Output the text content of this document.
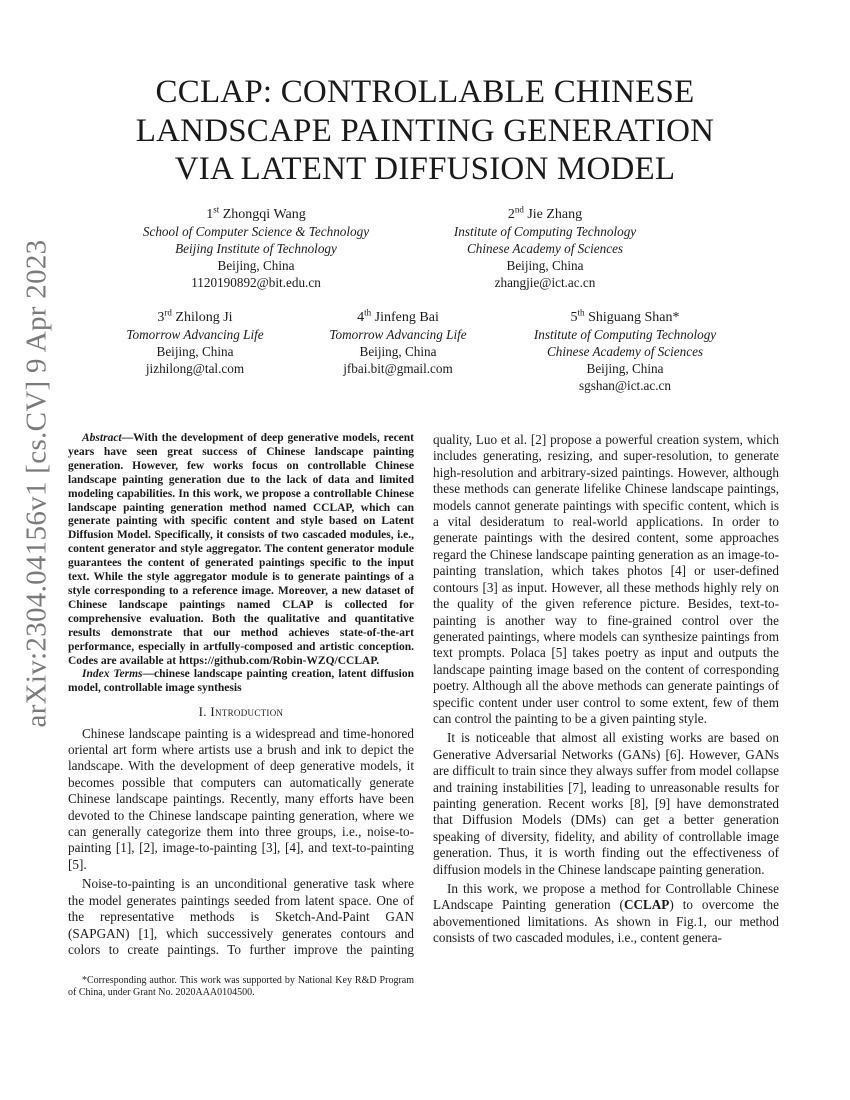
arXiv:2304.04156v1 [cs.CV] 9 Apr 2023
CCLAP: CONTROLLABLE CHINESE
LANDSCAPE PAINTING GENERATION
VIA LATENT DIFFUSION MODEL
1st Zhongqi Wang
School of Computer Science & Technology
Beijing Institute of Technology
Beijing, China
1120190892@bit.edu.cn
2nd Jie Zhang
Institute of Computing Technology
Chinese Academy of Sciences
Beijing, China
zhangjie@ict.ac.cn
3rd Zhilong Ji
Tomorrow Advancing Life
Beijing, China
jizhilong@tal.com
4th Jinfeng Bai
Tomorrow Advancing Life
Beijing, China
jfbai.bit@gmail.com
5th Shiguang Shan*
Institute of Computing Technology
Chinese Academy of Sciences
Beijing, China
sgshan@ict.ac.cn

Abstract—With the development of deep generative models, recent years have seen great success of Chinese landscape painting generation. However, few works focus on controllable Chinese landscape painting generation due to the lack of data and limited modeling capabilities. In this work, we propose a controllable Chinese landscape painting generation method named CCLAP, which can generate painting with specific content and style based on Latent Diffusion Model. Specifically, it consists of two cascaded modules, i.e., content generator and style aggregator. The content generator module guarantees the content of generated paintings specific to the input text. While the style aggregator module is to generate paintings of a style corresponding to a reference image. Moreover, a new dataset of Chinese landscape paintings named CLAP is collected for comprehensive evaluation. Both the qualitative and quantitative results demonstrate that our method achieves state-of-the-art performance, especially in artfully-composed and artistic conception. Codes are available at https://github.com/Robin-WZQ/CCLAP.

Index Terms—chinese landscape painting creation, latent diffusion model, controllable image synthesis

I. Introduction

Chinese landscape painting is a widespread and time-honored oriental art form where artists use a brush and ink to depict the landscape. With the development of deep generative models, it becomes possible that computers can automatically generate Chinese landscape paintings. Recently, many efforts have been devoted to the Chinese landscape painting generation, where we can generally categorize them into three groups, i.e., noise-to-painting [1], [2], image-to-painting [3], [4], and text-to-painting [5].

Noise-to-painting is an unconditional generative task where the model generates paintings seeded from latent space. One of the representative methods is Sketch-And-Paint GAN (SAPGAN) [1], which successively generates contours and colors to create paintings. To further improve the painting

*Corresponding author. This work was supported by National Key R&D Program of China, under Grant No. 2020AAA0104500.

quality, Luo et al. [2] propose a powerful creation system, which includes generating, resizing, and super-resolution, to generate high-resolution and arbitrary-sized paintings. However, although these methods can generate lifelike Chinese landscape paintings, models cannot generate paintings with specific content, which is a vital desideratum to real-world applications. In order to generate paintings with the desired content, some approaches regard the Chinese landscape painting generation as an image-to-painting translation, which takes photos [4] or user-defined contours [3] as input. However, all these methods highly rely on the quality of the given reference picture. Besides, text-to-painting is another way to fine-grained control over the generated paintings, where models can synthesize paintings from text prompts. Polaca [5] takes poetry as input and outputs the landscape painting image based on the content of corresponding poetry. Although all the above methods can generate paintings of specific content under user control to some extent, few of them can control the painting to be a given painting style.

It is noticeable that almost all existing works are based on Generative Adversarial Networks (GANs) [6]. However, GANs are difficult to train since they always suffer from model collapse and training instabilities [7], leading to unreasonable results for painting generation. Recent works [8], [9] have demonstrated that Diffusion Models (DMs) can get a better generation speaking of diversity, fidelity, and ability of controllable image generation. Thus, it is worth finding out the effectiveness of diffusion models in the Chinese landscape painting generation.

In this work, we propose a method for Controllable Chinese LAndscape Painting generation (CCLAP) to overcome the abovementioned limitations. As shown in Fig.1, our method consists of two cascaded modules, i.e., content genera-
